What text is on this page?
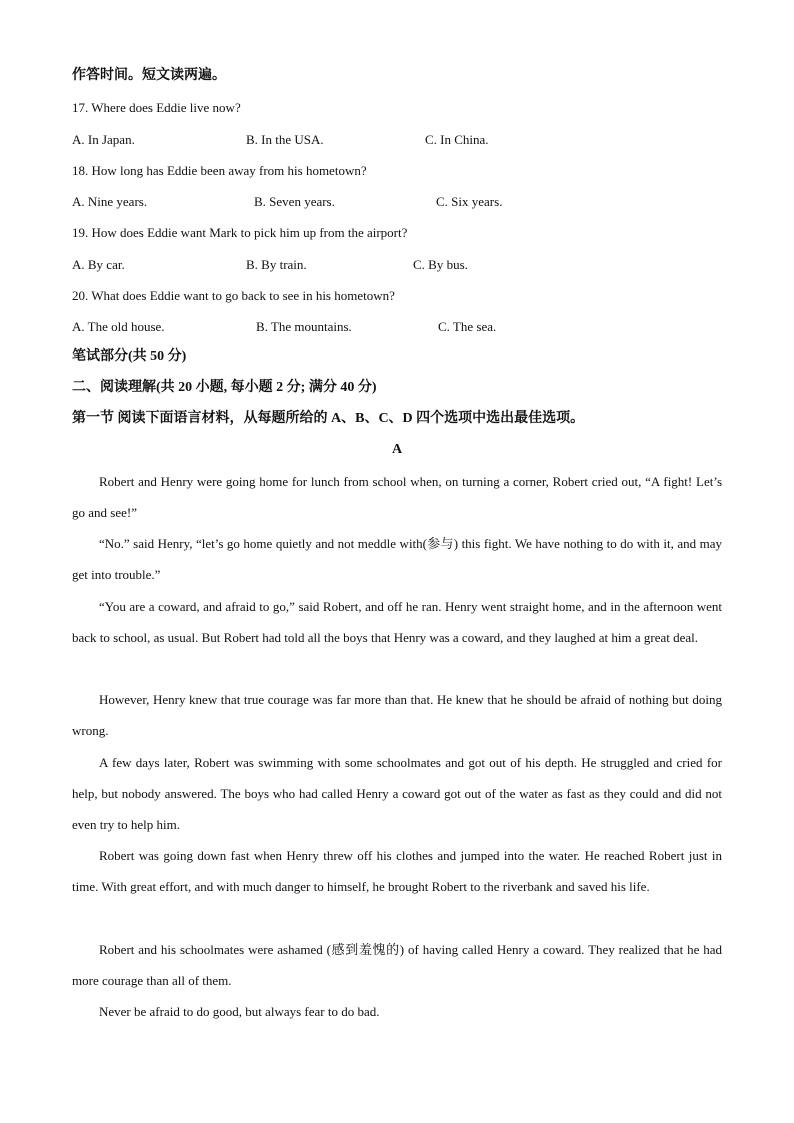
作答时间。短文读两遍。
17. Where does Eddie live now?
A. In Japan.	B. In the USA.	C. In China.
18. How long has Eddie been away from his hometown?
A. Nine years.	B. Seven years.	C. Six years.
19. How does Eddie want Mark to pick him up from the airport?
A. By car.	B. By train.	C. By bus.
20. What does Eddie want to go back to see in his hometown?
A. The old house.	B. The mountains.	C. The sea.
笔试部分(共 50 分)
二、阅读理解(共 20 小题, 每小题 2 分; 满分 40 分)
第一节 阅读下面语言材料，从每题所给的 A、B、C、D 四个选项中选出最佳选项。
A

Robert and Henry were going home for lunch from school when, on turning a corner, Robert cried out, “A fight! Let’s go and see!”

“No.” said Henry, “let’s go home quietly and not meddle with(参与) this fight. We have nothing to do with it, and may get into trouble.”

“You are a coward, and afraid to go,” said Robert, and off he ran. Henry went straight home, and in the afternoon went back to school, as usual. But Robert had told all the boys that Henry was a coward, and they laughed at him a great deal.

However, Henry knew that true courage was far more than that. He knew that he should be afraid of nothing but doing wrong.

A few days later, Robert was swimming with some schoolmates and got out of his depth. He struggled and cried for help, but nobody answered. The boys who had called Henry a coward got out of the water as fast as they could and did not even try to help him.

Robert was going down fast when Henry threw off his clothes and jumped into the water. He reached Robert just in time. With great effort, and with much danger to himself, he brought Robert to the riverbank and saved his life.

Robert and his schoolmates were ashamed (感到羞愧的) of having called Henry a coward. They realized that he had more courage than all of them.

Never be afraid to do good, but always fear to do bad.
